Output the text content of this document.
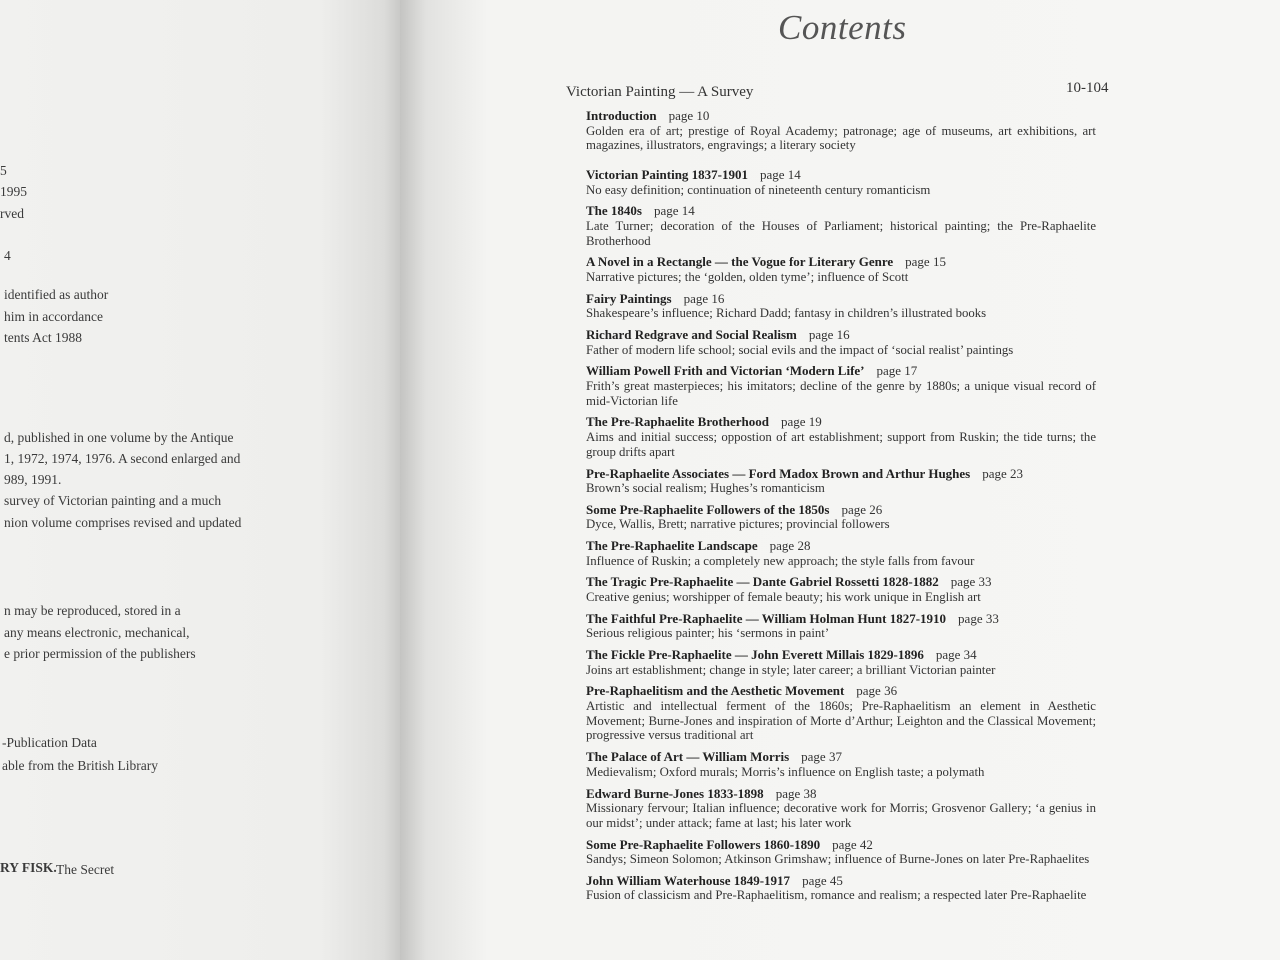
5
1995
rved
4
identified as author
him in accordance
tents Act 1988
d, published in one volume by the Antique
1, 1972, 1974, 1976. A second enlarged and
989, 1991.
survey of Victorian painting and a much
nion volume comprises revised and updated
n may be reproduced, stored in a
any means electronic, mechanical,
e prior permission of the publishers
-Publication Data
able from the British Library
RY FISK. The Secret
Contents
Victorian Painting — A Survey	10-104
Introduction page 10
Golden era of art; prestige of Royal Academy; patronage; age of museums, art exhibitions, art magazines, illustrators, engravings; a literary society
Victorian Painting 1837-1901 page 14
No easy definition; continuation of nineteenth century romanticism
The 1840s page 14
Late Turner; decoration of the Houses of Parliament; historical painting; the Pre-Raphaelite Brotherhood
A Novel in a Rectangle — the Vogue for Literary Genre page 15
Narrative pictures; the ‘golden, olden tyme’; influence of Scott
Fairy Paintings page 16
Shakespeare’s influence; Richard Dadd; fantasy in children’s illustrated books
Richard Redgrave and Social Realism page 16
Father of modern life school; social evils and the impact of ‘social realist’ paintings
William Powell Frith and Victorian ‘Modern Life’ page 17
Frith’s great masterpieces; his imitators; decline of the genre by 1880s; a unique visual record of mid-Victorian life
The Pre-Raphaelite Brotherhood page 19
Aims and initial success; oppostion of art establishment; support from Ruskin; the tide turns; the group drifts apart
Pre-Raphaelite Associates — Ford Madox Brown and Arthur Hughes page 23
Brown’s social realism; Hughes’s romanticism
Some Pre-Raphaelite Followers of the 1850s page 26
Dyce, Wallis, Brett; narrative pictures; provincial followers
The Pre-Raphaelite Landscape page 28
Influence of Ruskin; a completely new approach; the style falls from favour
The Tragic Pre-Raphaelite — Dante Gabriel Rossetti 1828-1882 page 33
Creative genius; worshipper of female beauty; his work unique in English art
The Faithful Pre-Raphaelite — William Holman Hunt 1827-1910 page 33
Serious religious painter; his ‘sermons in paint’
The Fickle Pre-Raphaelite — John Everett Millais 1829-1896 page 34
Joins art establishment; change in style; later career; a brilliant Victorian painter
Pre-Raphaelitism and the Aesthetic Movement page 36
Artistic and intellectual ferment of the 1860s; Pre-Raphaelitism an element in Aesthetic Movement; Burne-Jones and inspiration of Morte d’Arthur; Leighton and the Classical Movement; progressive versus traditional art
The Palace of Art — William Morris page 37
Medievalism; Oxford murals; Morris’s influence on English taste; a polymath
Edward Burne-Jones 1833-1898 page 38
Missionary fervour; Italian influence; decorative work for Morris; Grosvenor Gallery; ‘a genius in our midst’; under attack; fame at last; his later work
Some Pre-Raphaelite Followers 1860-1890 page 42
Sandys; Simeon Solomon; Atkinson Grimshaw; influence of Burne-Jones on later Pre-Raphaelites
John William Waterhouse 1849-1917 page 45
Fusion of classicism and Pre-Raphaelitism, romance and realism; a respected later Pre-Raphaelite
